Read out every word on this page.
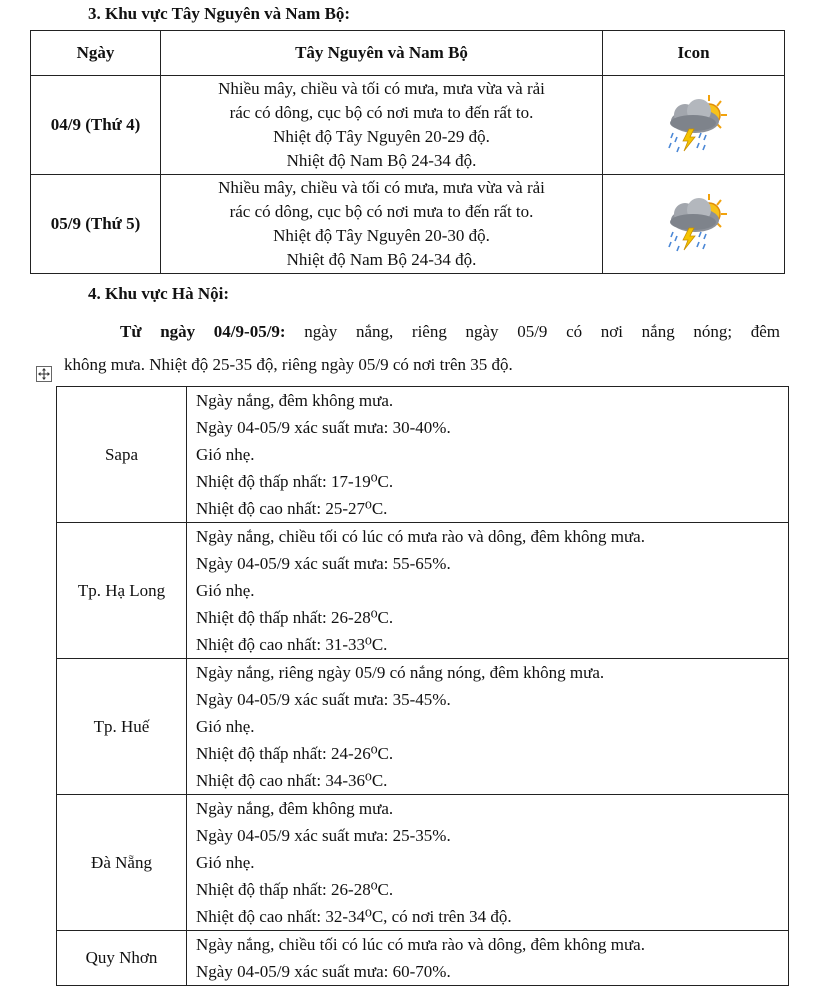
3. Khu vực Tây Nguyên và Nam Bộ:
Ngày	Tây Nguyên và Nam Bộ	Icon
04/9 (Thứ 4)	Nhiều mây, chiều và tối có mưa, mưa vừa và rải
rác có dông, cục bộ có nơi mưa to đến rất to.
Nhiệt độ Tây Nguyên 20-29 độ.
Nhiệt độ Nam Bộ 24-34 độ.

05/9 (Thứ 5)	Nhiều mây, chiều và tối có mưa, mưa vừa và rải
rác có dông, cục bộ có nơi mưa to đến rất to.
Nhiệt độ Tây Nguyên 20-30 độ.
Nhiệt độ Nam Bộ 24-34 độ.

4. Khu vực Hà Nội:

Từ ngày 04/9-05/9: ngày nắng, riêng ngày 05/9 có nơi nắng nóng; đêm

không mưa. Nhiệt độ 25-35 độ, riêng ngày 05/9 có nơi trên 35 độ.

Sapa	Ngày nắng, đêm không mưa.
Ngày 04-05/9 xác suất mưa: 30-40%.
Gió nhẹ.
Nhiệt độ thấp nhất: 17-19⁰C.
Nhiệt độ cao nhất: 25-27⁰C.

Tp. Hạ Long	Ngày nắng, chiều tối có lúc có mưa rào và dông, đêm không mưa.
Ngày 04-05/9 xác suất mưa: 55-65%.
Gió nhẹ.
Nhiệt độ thấp nhất: 26-28⁰C.
Nhiệt độ cao nhất: 31-33⁰C.

Tp. Huế	Ngày nắng, riêng ngày 05/9 có nắng nóng, đêm không mưa.
Ngày 04-05/9 xác suất mưa: 35-45%.
Gió nhẹ.
Nhiệt độ thấp nhất: 24-26⁰C.
Nhiệt độ cao nhất: 34-36⁰C.

Đà Nẵng	Ngày nắng, đêm không mưa.
Ngày 04-05/9 xác suất mưa: 25-35%.
Gió nhẹ.
Nhiệt độ thấp nhất: 26-28⁰C.
Nhiệt độ cao nhất: 32-34⁰C, có nơi trên 34 độ.

Quy Nhơn	Ngày nắng, chiều tối có lúc có mưa rào và dông, đêm không mưa.
Ngày 04-05/9 xác suất mưa: 60-70%.
